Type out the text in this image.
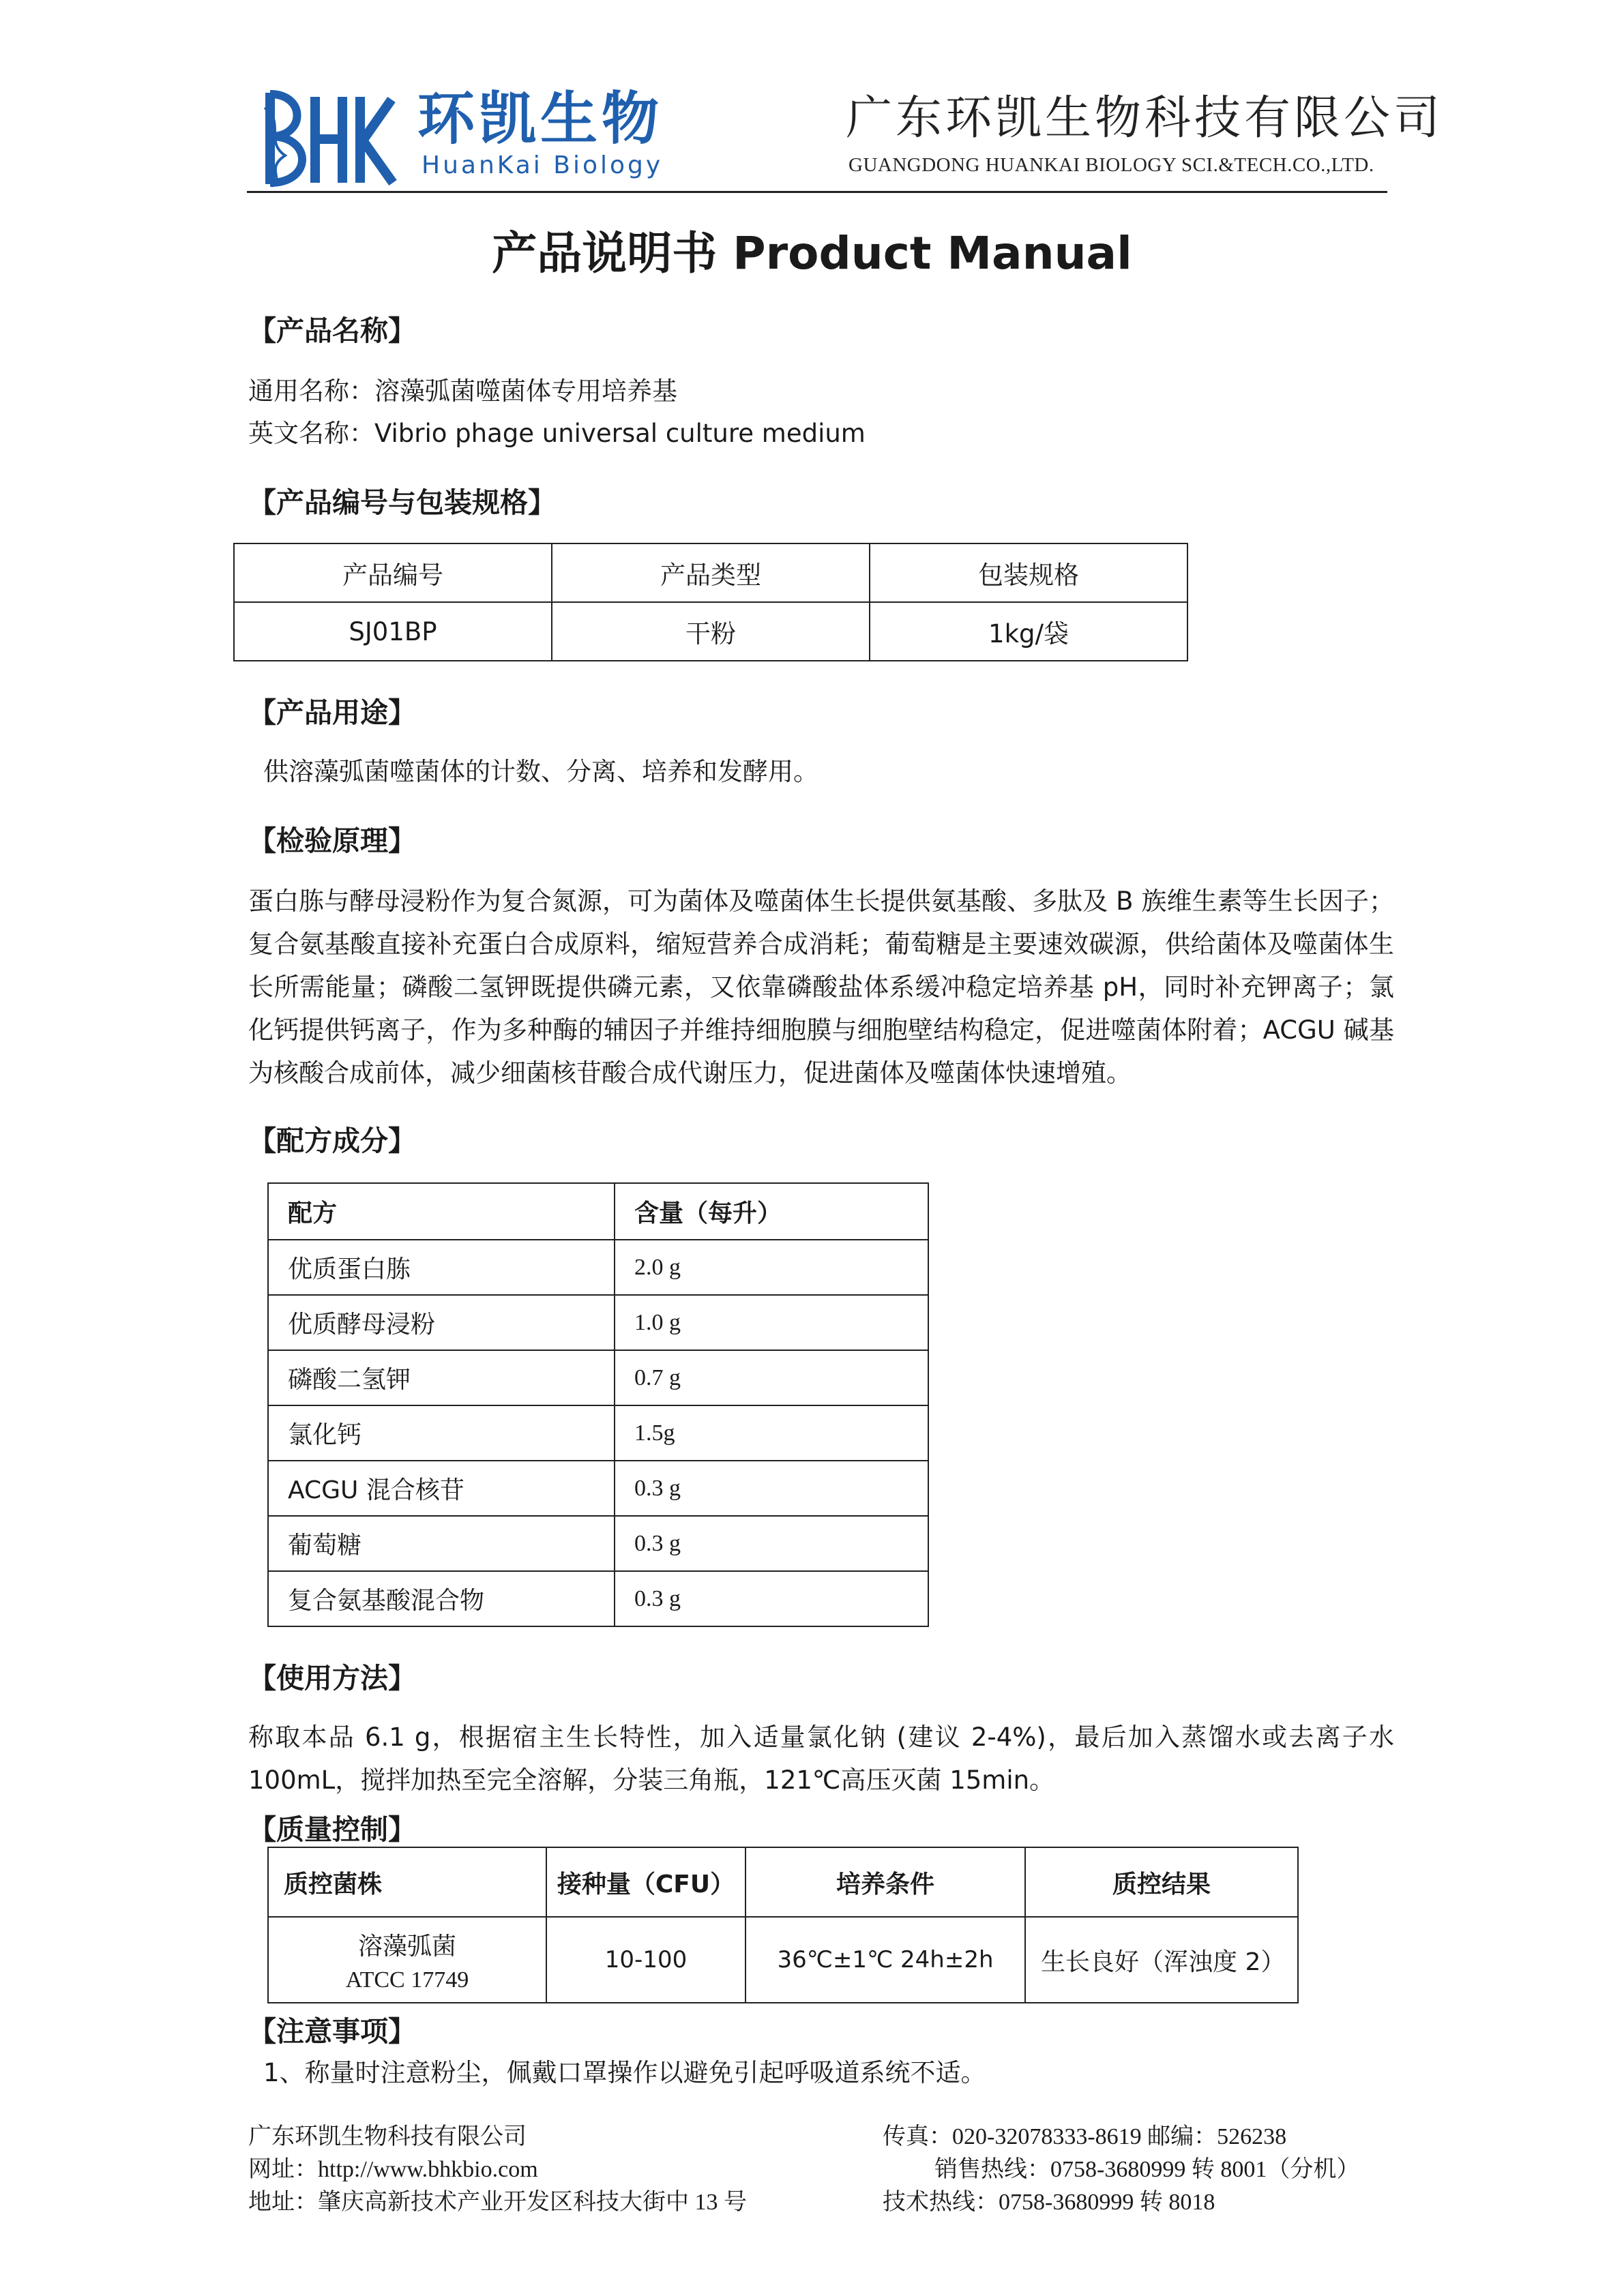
环凯生物
HuanKai Biology
广东环凯生物科技有限公司
GUANGDONG HUANKAI BIOLOGY SCI.&TECH.CO.,LTD.
产品说明书 Product Manual
【产品名称】
通用名称：溶藻弧菌噬菌体专用培养基
英文名称：Vibrio phage universal culture medium
【产品编号与包装规格】
产品编号	产品类型	包装规格
SJ01BP	干粉	1kg/袋
【产品用途】
供溶藻弧菌噬菌体的计数、分离、培养和发酵用。
【检验原理】
蛋白胨与酵母浸粉作为复合氮源，可为菌体及噬菌体生长提供氨基酸、多肽及 B 族维生素等生长因子；复合氨基酸直接补充蛋白合成原料，缩短营养合成消耗；葡萄糖是主要速效碳源，供给菌体及噬菌体生长所需能量；磷酸二氢钾既提供磷元素，又依靠磷酸盐体系缓冲稳定培养基 pH，同时补充钾离子；氯化钙提供钙离子，作为多种酶的辅因子并维持细胞膜与细胞壁结构稳定，促进噬菌体附着；ACGU 碱基为核酸合成前体，减少细菌核苷酸合成代谢压力，促进菌体及噬菌体快速增殖。
【配方成分】
配方	含量（每升）
优质蛋白胨	2.0 g
优质酵母浸粉	1.0 g
磷酸二氢钾	0.7 g
氯化钙	1.5g
ACGU 混合核苷	0.3 g
葡萄糖	0.3 g
复合氨基酸混合物	0.3 g
【使用方法】
称取本品 6.1 g，根据宿主生长特性，加入适量氯化钠 (建议 2-4%)，最后加入蒸馏水或去离子水 100mL，搅拌加热至完全溶解，分装三角瓶，121℃高压灭菌 15min。
【质量控制】
质控菌株	接种量（CFU）	培养条件	质控结果

溶藻弧菌
ATCC 17749	10-100	36℃±1℃ 24h±2h	生长良好（浑浊度 2）
【注意事项】
1、称量时注意粉尘，佩戴口罩操作以避免引起呼吸道系统不适。
广东环凯生物科技有限公司
网址：http://www.bhkbio.com
地址：肇庆高新技术产业开发区科技大街中 13 号
传真：020-32078333-8619 邮编：526238
销售热线：0758-3680999 转 8001（分机）
技术热线：0758-3680999 转 8018
